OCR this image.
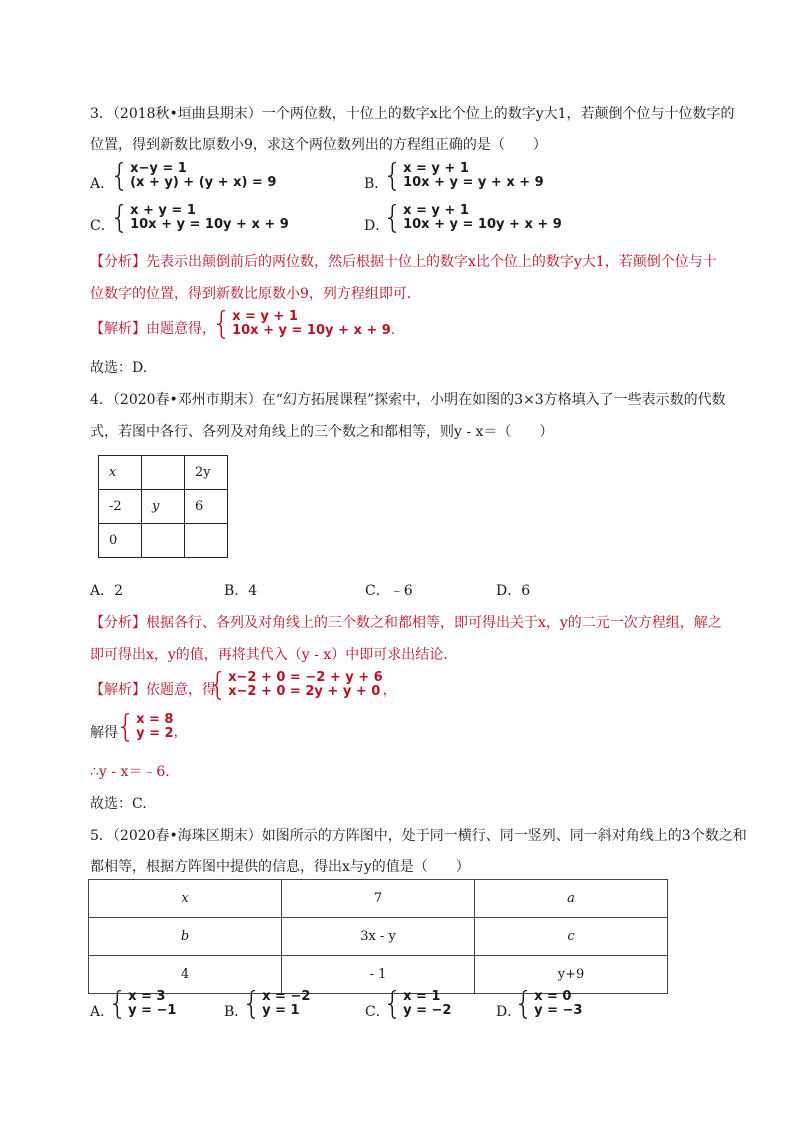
3．（2018秋•垣曲县期末）一个两位数，十位上的数字x比个位上的数字y大1，若颠倒个位与十位数字的
位置，得到新数比原数小9，求这个两位数列出的方程组正确的是（　　）
A．
{ x−y = 1
(x + y) + (y + x) = 9	B．
{ x = y + 1
10x + y = y + x + 9
C．
{ x + y = 1
10x + y = 10y + x + 9	D．
{ x = y + 1
10x + y = 10y + x + 9
【分析】先表示出颠倒前后的两位数，然后根据十位上的数字x比个位上的数字y大1，若颠倒个位与十
位数字的位置，得到新数比原数小9，列方程组即可．
【解析】由题意得，
{ x = y + 1
10x + y = 10y + x + 9 .
故选：D.
4．（2020春•邓州市期末）在“幻方拓展课程”探索中，小明在如图的3×3方格填入了一些表示数的代数
式，若图中各行、各列及对角线上的三个数之和都相等，则y - x＝（　　）
x		2y
-2	y	6
0		
A．2	B．4	C．﹣6	D．6
【分析】根据各行、各列及对角线上的三个数之和都相等，即可得出关于x，y的二元一次方程组，解之
即可得出x，y的值，再将其代入（y - x）中即可求出结论．
【解析】依题意，得
{ x−2 + 0 = −2 + y + 6
x−2 + 0 = 2y + y + 0 ，
解得
{ x = 8
y = 2 ，
∴y - x＝﹣6．
故选：C.
5．（2020春•海珠区期末）如图所示的方阵图中，处于同一横行、同一竖列、同一斜对角线上的3个数之和
都相等，根据方阵图中提供的信息，得出x与y的值是（　　）
x	7	a
b	3x - y	c
4	- 1	y+9
A．
{ x = 3
y = −1	B．
{ x = −2
y = 1	C．
{ x = 1
y = −2	D．
{ x = 0
y = −3
